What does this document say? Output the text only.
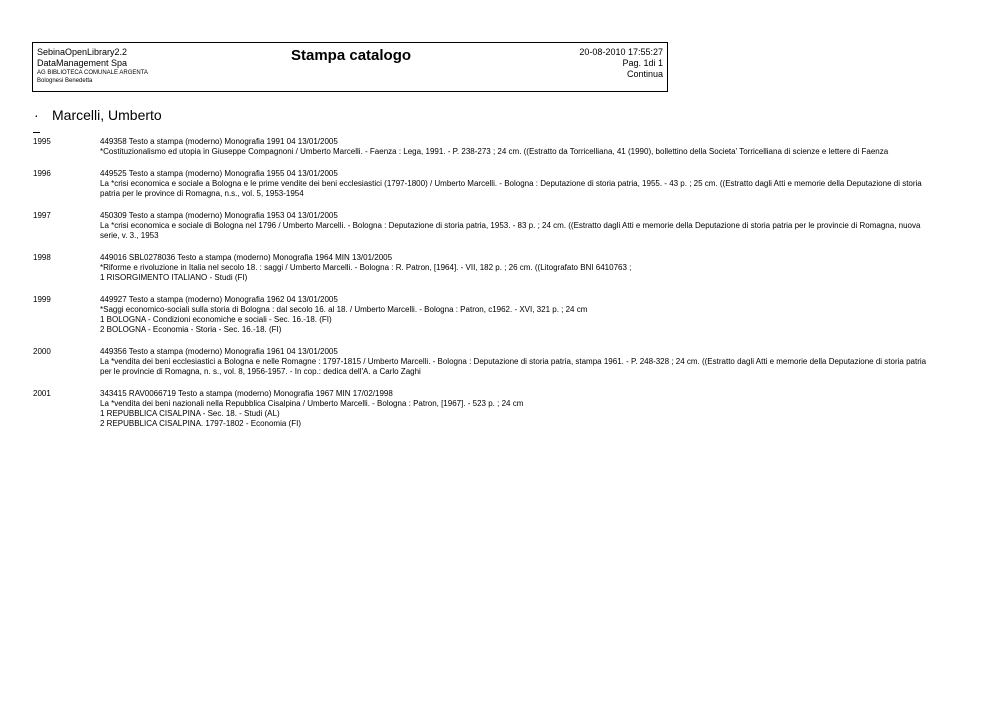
SebinaOpenLibrary2.2
DataManagement Spa
AG BIBLIOTECA COMUNALE ARGENTA
Bolognesi Benedetta
Stampa catalogo	20-08-2010 17:55:27
Pag. 1di 1
Continua
· Marcelli, Umberto
1995	449358 Testo a stampa (moderno) Monografia 1991 04 13/01/2005
*Costituzionalismo ed utopia in Giuseppe Compagnoni / Umberto Marcelli. - Faenza : Lega, 1991. - P. 238-273 ; 24 cm. ((Estratto da Torricelliana, 41 (1990), bollettino della Societa' Torricelliana di scienze e lettere di Faenza
1996	449525 Testo a stampa (moderno) Monografia 1955 04 13/01/2005
La *crisi economica e sociale a Bologna e le prime vendite dei beni ecclesiastici (1797-1800) / Umberto Marcelli. - Bologna : Deputazione di storia patria, 1955. - 43 p. ; 25 cm. ((Estratto dagli Atti e memorie della Deputazione di storia patria per le province di Romagna, n.s., vol. 5, 1953-1954
1997	450309 Testo a stampa (moderno) Monografia 1953 04 13/01/2005
La *crisi economica e sociale di Bologna nel 1796 / Umberto Marcelli. - Bologna : Deputazione di storia patria, 1953. - 83 p. ; 24 cm. ((Estratto dagli Atti e memorie della Deputazione di storia patria per le provincie di Romagna, nuova serie, v. 3., 1953
1998	449016 SBL0278036 Testo a stampa (moderno) Monografia 1964 MIN 13/01/2005
*Riforme e rivoluzione in Italia nel secolo 18. : saggi / Umberto Marcelli. - Bologna : R. Patron, [1964]. - VII, 182 p. ; 26 cm. ((Litografato BNI 6410763 ;
1 RISORGIMENTO ITALIANO - Studi (FI)
1999	449927 Testo a stampa (moderno) Monografia 1962 04 13/01/2005
*Saggi economico-sociali sulla storia di Bologna : dal secolo 16. al 18. / Umberto Marcelli. - Bologna : Patron, c1962. - XVI, 321 p. ; 24 cm
1 BOLOGNA - Condizioni economiche e sociali - Sec. 16.-18. (FI)
2 BOLOGNA - Economia - Storia - Sec. 16.-18. (FI)
2000	449356 Testo a stampa (moderno) Monografia 1961 04 13/01/2005
La *vendita dei beni ecclesiastici a Bologna e nelle Romagne : 1797-1815 / Umberto Marcelli. - Bologna : Deputazione di storia patria, stampa 1961. - P. 248-328 ; 24 cm. ((Estratto dagli Atti e memorie della Deputazione di storia patria per le provincie di Romagna, n. s., vol. 8, 1956-1957. - In cop.: dedica dell'A. a Carlo Zaghi
2001	343415 RAV0066719 Testo a stampa (moderno) Monografia 1967 MIN 17/02/1998
La *vendita dei beni nazionali nella Repubblica Cisalpina / Umberto Marcelli. - Bologna : Patron, [1967]. - 523 p. ; 24 cm
1 REPUBBLICA CISALPINA - Sec. 18. - Studi (AL)
2 REPUBBLICA CISALPINA. 1797-1802 - Economia (FI)
